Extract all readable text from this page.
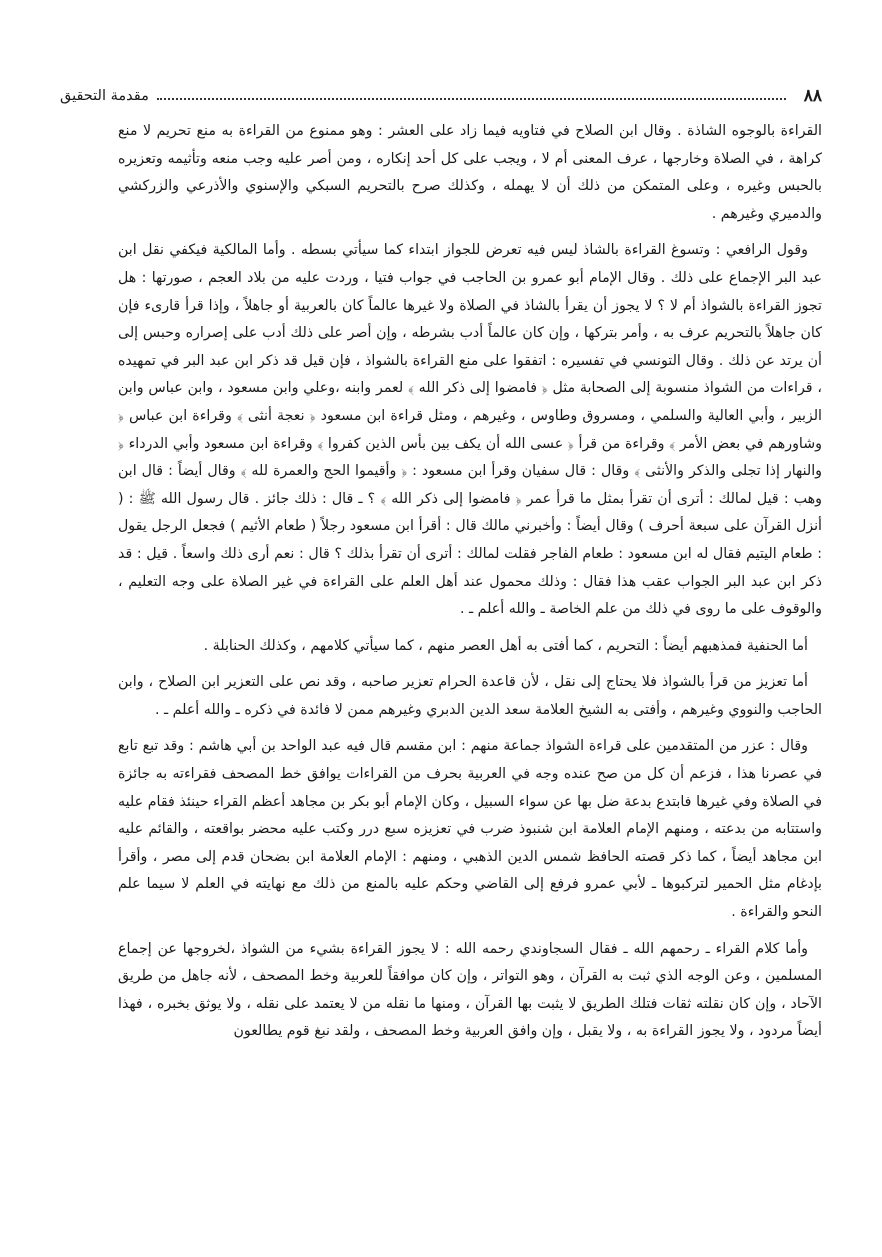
٨٨
مقدمة التحقيق

القراءة بالوجوه الشاذة . وقال ابن الصلاح في فتاويه فيما زاد على العشر : وهو ممنوع من القراءة به منع تحريم لا منع كراهة ، في الصلاة وخارجها ، عرف المعنى أم لا ، ويجب على كل أحد إنكاره ، ومن أصر عليه وجب منعه وتأثيمه وتعزيره بالحبس وغيره ، وعلى المتمكن من ذلك أن لا يهمله ، وكذلك صرح بالتحريم السبكي والإسنوي والأذرعي والزركشي والدميري وغيرهم .

وقول الرافعي : وتسوغ القراءة بالشاذ ليس فيه تعرض للجواز ابتداء كما سيأتي بسطه . وأما المالكية فيكفي نقل ابن عبد البر الإجماع على ذلك . وقال الإمام أبو عمرو بن الحاجب في جواب فتيا ، وردت عليه من بلاد العجم ، صورتها : هل تجوز القراءة بالشواذ أم لا ؟ لا يجوز أن يقرأ بالشاذ في الصلاة ولا غيرها عالماً كان بالعربية أو جاهلاً ، وإذا قرأ قارىء فإن كان جاهلاً بالتحريم عرف به ، وأمر بتركها ، وإن كان عالماً أدب بشرطه ، وإن أصر على ذلك أدب على إصراره وحبس إلى أن يرتد عن ذلك . وقال التونسي في تفسيره : اتفقوا على منع القراءة بالشواذ ، فإن قيل قد ذكر ابن عبد البر في تمهيده ، قراءات من الشواذ منسوبة إلى الصحابة مثل ﴿ فامضوا إلى ذكر الله ﴾ لعمر وابنه ،وعلي وابن مسعود ، وابن عباس وابن الزبير ، وأبي العالية والسلمي ، ومسروق وطاوس ، وغيرهم ، ومثل قراءة ابن مسعود ﴿ نعجة أنثى ﴾ وقراءة ابن عباس ﴿ وشاورهم في بعض الأمر ﴾ وقراءة من قرأ ﴿ عسى الله أن يكف بين بأس الذين كفروا ﴾ وقراءة ابن مسعود وأبي الدرداء ﴿ والنهار إذا تجلى والذكر والأنثى ﴾ وقال : قال سفيان وقرأ ابن مسعود : ﴿ وأقيموا الحج والعمرة لله ﴾ وقال أيضاً : قال ابن وهب : قيل لمالك : أترى أن تقرأ بمثل ما قرأ عمر ﴿ فامضوا إلى ذكر الله ﴾ ؟ ـ قال : ذلك جائز . قال رسول الله ﷺ : ( أنزل القرآن على سبعة أحرف ) وقال أيضاً : وأخبرني مالك قال : أقرأ ابن مسعود رجلاً ( طعام الأثيم ) فجعل الرجل يقول : طعام اليتيم فقال له ابن مسعود : طعام الفاجر فقلت لمالك : أترى أن تقرأ بذلك ؟ قال : نعم أرى ذلك واسعاً . قيل : قد ذكر ابن عبد البر الجواب عقب هذا فقال : وذلك محمول عند أهل العلم على القراءة في غير الصلاة على وجه التعليم ، والوقوف على ما روى في ذلك من علم الخاصة ـ والله أعلم ـ .

أما الحنفية فمذهبهم أيضاً : التحريم ، كما أفتى به أهل العصر منهم ، كما سيأتي كلامهم ، وكذلك الحنابلة .

أما تعزيز من قرأ بالشواذ فلا يحتاج إلى نقل ، لأن قاعدة الحرام تعزير صاحبه ، وقد نص على التعزير ابن الصلاح ، وابن الحاجب والنووي وغيرهم ، وأفتى به الشيخ العلامة سعد الدين الدبري وغيرهم ممن لا فائدة في ذكره ـ والله أعلم ـ .

وقال : عزر من المتقدمين على قراءة الشواذ جماعة منهم : ابن مقسم قال فيه عبد الواحد بن أبي هاشم : وقد تبع تابع في عصرنا هذا ، فزعم أن كل من صح عنده وجه في العربية بحرف من القراءات يوافق خط المصحف فقراءته به جائزة في الصلاة وفي غيرها فابتدع بدعة ضل بها عن سواء السبيل ، وكان الإمام أبو بكر بن مجاهد أعظم القراء حينئذ فقام عليه واستتابه من بدعته ، ومنهم الإمام العلامة ابن شنبوذ ضرب في تعزيزه سبع درر وكتب عليه محضر بواقعته ، والقائم عليه ابن مجاهد أيضاً ، كما ذكر قصته الحافظ شمس الدين الذهبي ، ومنهم : الإمام العلامة ابن بضحان قدم إلى مصر ، وأقرأ بإدغام مثل الحمير لتركبوها ـ لأبي عمرو فرفع إلى القاضي وحكم عليه بالمنع من ذلك مع نهايته في العلم لا سيما علم النحو والقراءة .

وأما كلام القراء ـ رحمهم الله ـ فقال السجاوندي رحمه الله : لا يجوز القراءة بشيء من الشواذ ،لخروجها عن إجماع المسلمين ، وعن الوجه الذي ثبت به القرآن ، وهو التواتر ، وإن كان موافقاً للعربية وخط المصحف ، لأنه جاهل من طريق الآحاد ، وإن كان نقلته ثقات فتلك الطريق لا يثبت بها القرآن ، ومنها ما نقله من لا يعتمد على نقله ، ولا يوثق بخبره ، فهذا أيضاً مردود ، ولا يجوز القراءة به ، ولا يقبل ، وإن وافق العربية وخط المصحف ، ولقد نبغ قوم يطالعون
